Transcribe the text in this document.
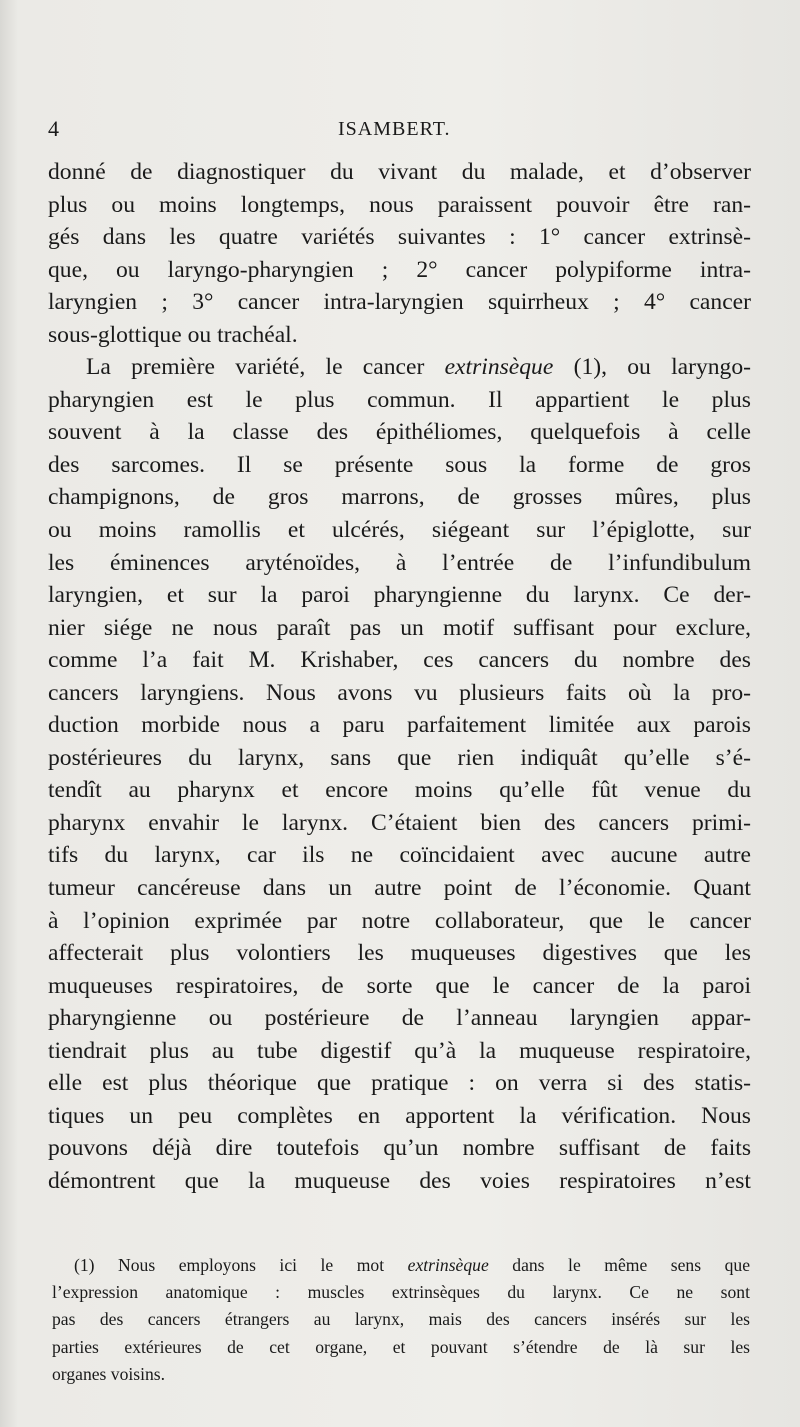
4	ISAMBERT.
donné de diagnostiquer du vivant du malade, et d’observer
plus ou moins longtemps, nous paraissent pouvoir être ran-
gés dans les quatre variétés suivantes : 1° cancer extrinsè-
que, ou laryngo-pharyngien ; 2° cancer polypiforme intra-
laryngien ; 3° cancer intra-laryngien squirrheux ; 4° cancer
sous-glottique ou trachéal.
La première variété, le cancer extrinsèque (1), ou laryngo-
pharyngien est le plus commun. Il appartient le plus
souvent à la classe des épithéliomes, quelquefois à celle
des sarcomes. Il se présente sous la forme de gros
champignons, de gros marrons, de grosses mûres, plus
ou moins ramollis et ulcérés, siégeant sur l’épiglotte, sur
les éminences aryténoïdes, à l’entrée de l’infundibulum
laryngien, et sur la paroi pharyngienne du larynx. Ce der-
nier siége ne nous paraît pas un motif suffisant pour exclure,
comme l’a fait M. Krishaber, ces cancers du nombre des
cancers laryngiens. Nous avons vu plusieurs faits où la pro-
duction morbide nous a paru parfaitement limitée aux parois
postérieures du larynx, sans que rien indiquât qu’elle s’é-
tendît au pharynx et encore moins qu’elle fût venue du
pharynx envahir le larynx. C’étaient bien des cancers primi-
tifs du larynx, car ils ne coïncidaient avec aucune autre
tumeur cancéreuse dans un autre point de l’économie. Quant
à l’opinion exprimée par notre collaborateur, que le cancer
affecterait plus volontiers les muqueuses digestives que les
muqueuses respiratoires, de sorte que le cancer de la paroi
pharyngienne ou postérieure de l’anneau laryngien appar-
tiendrait plus au tube digestif qu’à la muqueuse respiratoire,
elle est plus théorique que pratique : on verra si des statis-
tiques un peu complètes en apportent la vérification. Nous
pouvons déjà dire toutefois qu’un nombre suffisant de faits
démontrent que la muqueuse des voies respiratoires n’est
(1) Nous employons ici le mot extrinsèque dans le même sens que
l’expression anatomique : muscles extrinsèques du larynx. Ce ne sont
pas des cancers étrangers au larynx, mais des cancers insérés sur les
parties extérieures de cet organe, et pouvant s’étendre de là sur les
organes voisins.
